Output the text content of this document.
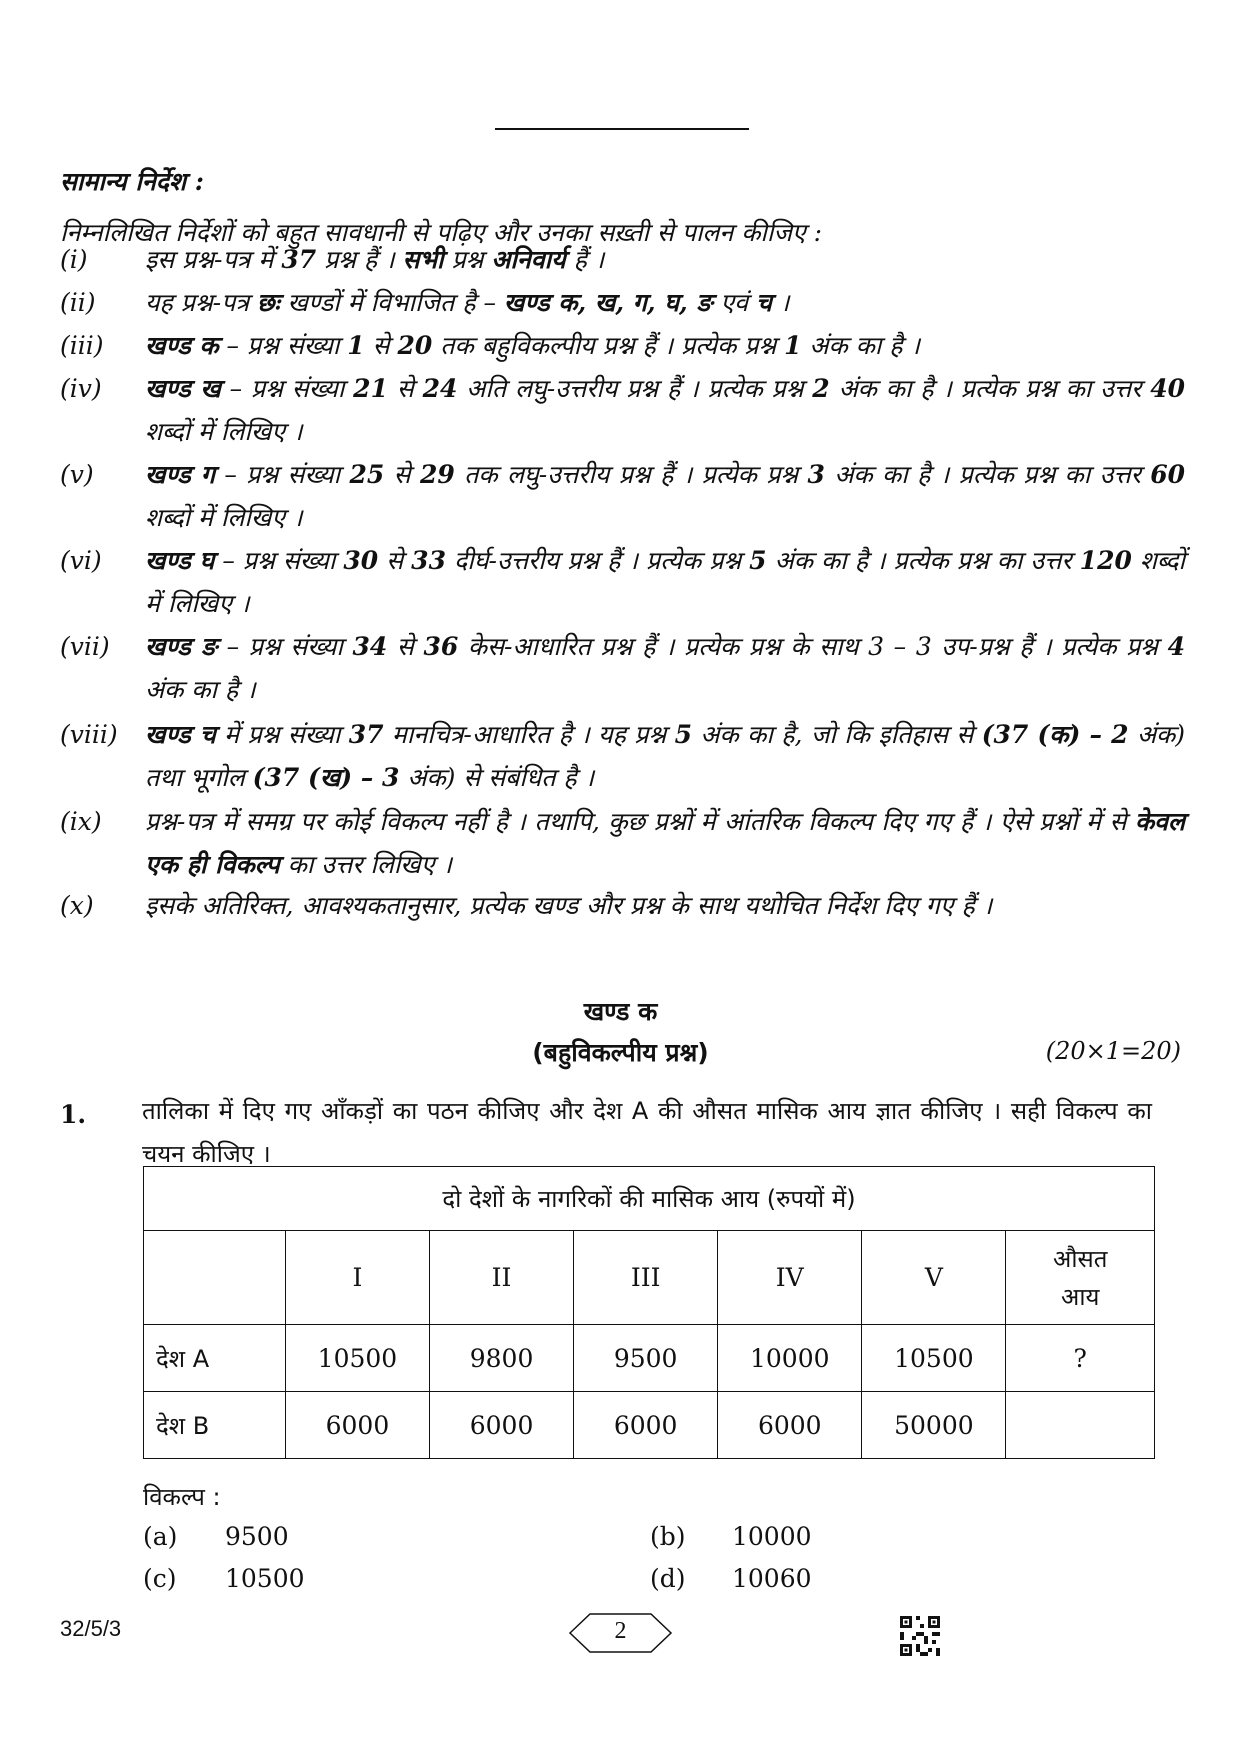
सामान्य निर्देश :
निम्नलिखित निर्देशों को बहुत सावधानी से पढ़िए और उनका सख़्ती से पालन कीजिए :
(i)	इस प्रश्न-पत्र में 37 प्रश्न हैं । सभी प्रश्न अनिवार्य हैं ।
(ii)	यह प्रश्न-पत्र छः खण्डों में विभाजित है – खण्ड क, ख, ग, घ, ङ एवं च ।
(iii)	खण्ड क – प्रश्न संख्या 1 से 20 तक बहुविकल्पीय प्रश्न हैं । प्रत्येक प्रश्न 1 अंक का है ।
(iv)	खण्ड ख – प्रश्न संख्या 21 से 24 अति लघु-उत्तरीय प्रश्न हैं । प्रत्येक प्रश्न 2 अंक का है । प्रत्येक प्रश्न का उत्तर 40 शब्दों में लिखिए ।
(v)	खण्ड ग – प्रश्न संख्या 25 से 29 तक लघु-उत्तरीय प्रश्न हैं । प्रत्येक प्रश्न 3 अंक का है । प्रत्येक प्रश्न का उत्तर 60 शब्दों में लिखिए ।
(vi)	खण्ड घ – प्रश्न संख्या 30 से 33 दीर्घ-उत्तरीय प्रश्न हैं । प्रत्येक प्रश्न 5 अंक का है । प्रत्येक प्रश्न का उत्तर 120 शब्दों में लिखिए ।
(vii)	खण्ड ङ – प्रश्न संख्या 34 से 36 केस-आधारित प्रश्न हैं । प्रत्येक प्रश्न के साथ 3 – 3 उप-प्रश्न हैं । प्रत्येक प्रश्न 4 अंक का है ।
(viii)	खण्ड च में प्रश्न संख्या 37 मानचित्र-आधारित है । यह प्रश्न 5 अंक का है, जो कि इतिहास से (37 (क) – 2 अंक) तथा भूगोल (37 (ख) – 3 अंक) से संबंधित है ।
(ix)	प्रश्न-पत्र में समग्र पर कोई विकल्प नहीं है । तथापि, कुछ प्रश्नों में आंतरिक विकल्प दिए गए हैं । ऐसे प्रश्नों में से केवल एक ही विकल्प का उत्तर लिखिए ।
(x)	इसके अतिरिक्त, आवश्यकतानुसार, प्रत्येक खण्ड और प्रश्न के साथ यथोचित निर्देश दिए गए हैं ।
खण्ड क
(बहुविकल्पीय प्रश्न)	(20×1=20)
1. तालिका में दिए गए आँकड़ों का पठन कीजिए और देश A की औसत मासिक आय ज्ञात कीजिए । सही विकल्प का चयन कीजिए ।
दो देशों के नागरिकों की मासिक आय (रुपयों में)						
	I	II	III	IV	V	औसत
आय

देश A	10500	9800	9500	10000	10500	?
देश B	6000	6000	6000	6000	50000	
विकल्प :
(a) 9500	(b) 10000
(c) 10500	(d) 10060
32/5/3	2
